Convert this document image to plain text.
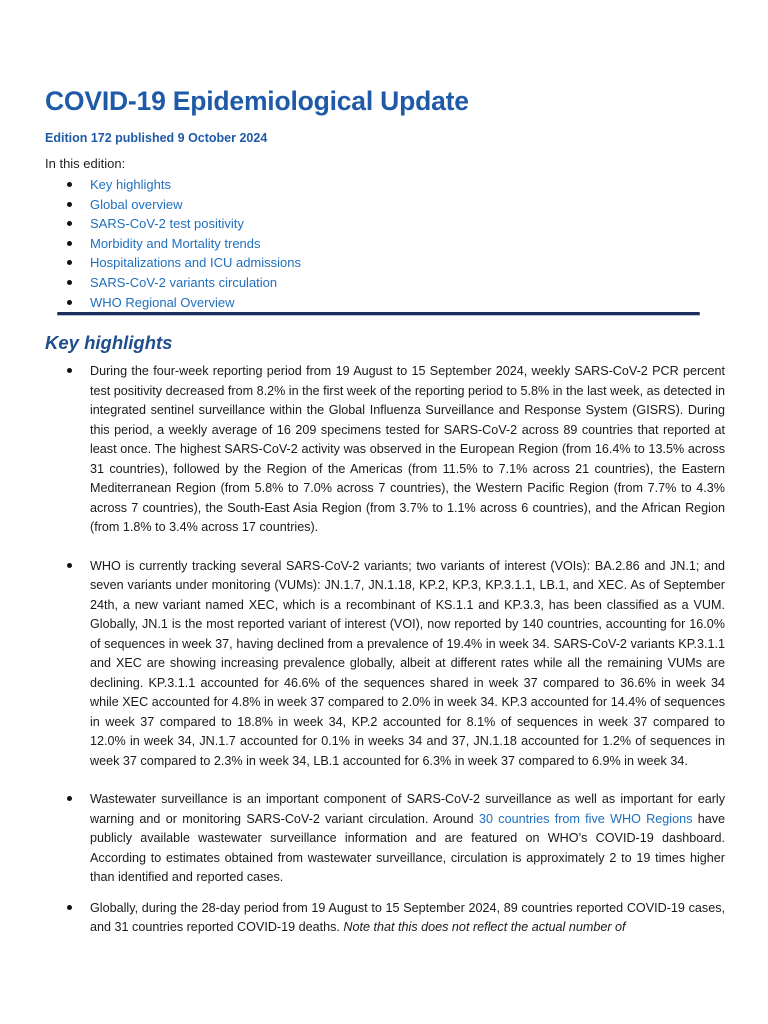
COVID-19 Epidemiological Update
Edition 172 published 9 October 2024
In this edition:
Key highlights
Global overview
SARS-CoV-2 test positivity
Morbidity and Mortality trends
Hospitalizations and ICU admissions
SARS-CoV-2 variants circulation
WHO Regional Overview
Key highlights

During the four-week reporting period from 19 August to 15 September 2024, weekly SARS-CoV-2 PCR percent test positivity decreased from 8.2% in the first week of the reporting period to 5.8% in the last week, as detected in integrated sentinel surveillance within the Global Influenza Surveillance and Response System (GISRS). During this period, a weekly average of 16 209 specimens tested for SARS-CoV-2 across 89 countries that reported at least once. The highest SARS-CoV-2 activity was observed in the European Region (from 16.4% to 13.5% across 31 countries), followed by the Region of the Americas (from 11.5% to 7.1% across 21 countries), the Eastern Mediterranean Region (from 5.8% to 7.0% across 7 countries), the Western Pacific Region (from 7.7% to 4.3% across 7 countries), the South-East Asia Region (from 3.7% to 1.1% across 6 countries), and the African Region (from 1.8% to 3.4% across 17 countries).

WHO is currently tracking several SARS-CoV-2 variants; two variants of interest (VOIs): BA.2.86 and JN.1; and seven variants under monitoring (VUMs): JN.1.7, JN.1.18, KP.2, KP.3, KP.3.1.1, LB.1, and XEC. As of September 24th, a new variant named XEC, which is a recombinant of KS.1.1 and KP.3.3, has been classified as a VUM. Globally, JN.1 is the most reported variant of interest (VOI), now reported by 140 countries, accounting for 16.0% of sequences in week 37, having declined from a prevalence of 19.4% in week 34. SARS-CoV-2 variants KP.3.1.1 and XEC are showing increasing prevalence globally, albeit at different rates while all the remaining VUMs are declining. KP.3.1.1 accounted for 46.6% of the sequences shared in week 37 compared to 36.6% in week 34 while XEC accounted for 4.8% in week 37 compared to 2.0% in week 34. KP.3 accounted for 14.4% of sequences in week 37 compared to 18.8% in week 34, KP.2 accounted for 8.1% of sequences in week 37 compared to 12.0% in week 34, JN.1.7 accounted for 0.1% in weeks 34 and 37, JN.1.18 accounted for 1.2% of sequences in week 37 compared to 2.3% in week 34, LB.1 accounted for 6.3% in week 37 compared to 6.9% in week 34.

Wastewater surveillance is an important component of SARS-CoV-2 surveillance as well as important for early warning and or monitoring SARS-CoV-2 variant circulation. Around 30 countries from five WHO Regions have publicly available wastewater surveillance information and are featured on WHO’s COVID-19 dashboard. According to estimates obtained from wastewater surveillance, circulation is approximately 2 to 19 times higher than identified and reported cases.

Globally, during the 28-day period from 19 August to 15 September 2024, 89 countries reported COVID-19 cases, and 31 countries reported COVID-19 deaths. Note that this does not reflect the actual number of
